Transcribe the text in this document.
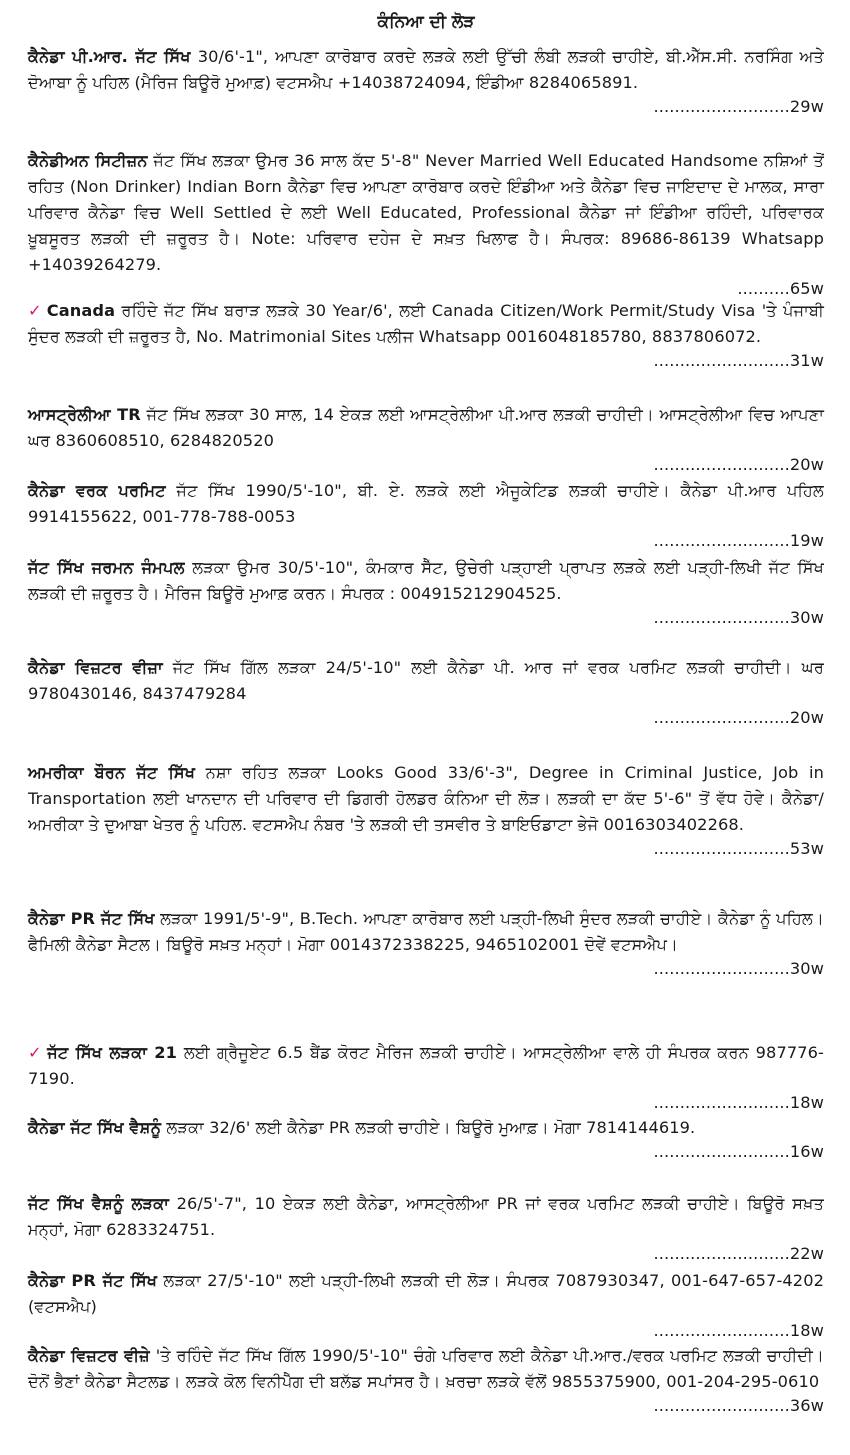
ਕੰਨਿਆ ਦੀ ਲੋੜ
ਕੈਨੇਡਾ ਪੀ.ਆਰ. ਜੱਟ ਸਿੱਖ 30/6'-1", ਆਪਣਾ ਕਾਰੋਬਾਰ ਕਰਦੇ ਲੜਕੇ ਲਈ ਉੱਚੀ ਲੰਬੀ ਲੜਕੀ ਚਾਹੀਏ, ਬੀ.ਐੱਸ.ਸੀ. ਨਰਸਿੰਗ ਅਤੇ ਦੋਆਬਾ ਨੂੰ ਪਹਿਲ (ਮੈਰਿਜ ਬਿਊਰੋ ਮੁਆਫ਼) ਵਟਸਐਪ +14038724094, ਇੰਡੀਆ 8284065891.
..........................29w
ਕੈਨੇਡੀਅਨ ਸਿਟੀਜ਼ਨ ਜੱਟ ਸਿੱਖ ਲੜਕਾ ਉਮਰ 36 ਸਾਲ ਕੱਦ 5'-8" Never Married Well Educated Handsome ਨਸ਼ਿਆਂ ਤੋਂ ਰਹਿਤ (Non Drinker) Indian Born ਕੈਨੇਡਾ ਵਿਚ ਆਪਣਾ ਕਾਰੋਬਾਰ ਕਰਦੇ ਇੰਡੀਆ ਅਤੇ ਕੈਨੇਡਾ ਵਿਚ ਜਾਇਦਾਦ ਦੇ ਮਾਲਕ, ਸਾਰਾ ਪਰਿਵਾਰ ਕੈਨੇਡਾ ਵਿਚ Well Settled ਦੇ ਲਈ Well Educated, Professional ਕੈਨੇਡਾ ਜਾਂ ਇੰਡੀਆ ਰਹਿੰਦੀ, ਪਰਿਵਾਰਕ ਖ਼ੂਬਸੂਰਤ ਲੜਕੀ ਦੀ ਜ਼ਰੂਰਤ ਹੈ। Note: ਪਰਿਵਾਰ ਦਹੇਜ ਦੇ ਸਖ਼ਤ ਖਿਲਾਫ ਹੈ। ਸੰਪਰਕ: 89686-86139 Whatsapp +14039264279.
..........65w
✓ Canada ਰਹਿੰਦੇ ਜੱਟ ਸਿੱਖ ਬਰਾੜ ਲੜਕੇ 30 Year/6', ਲਈ Canada Citizen/Work Permit/Study Visa 'ਤੇ ਪੰਜਾਬੀ ਸੁੰਦਰ ਲੜਕੀ ਦੀ ਜ਼ਰੂਰਤ ਹੈ, No. Matrimonial Sites ਪਲੀਜ Whatsapp 0016048185780, 8837806072.
..........................31w
ਆਸਟ੍ਰੇਲੀਆ TR ਜੱਟ ਸਿੱਖ ਲੜਕਾ 30 ਸਾਲ, 14 ਏਕੜ ਲਈ ਆਸਟ੍ਰੇਲੀਆ ਪੀ.ਆਰ ਲੜਕੀ ਚਾਹੀਦੀ। ਆਸਟ੍ਰੇਲੀਆ ਵਿਚ ਆਪਣਾ ਘਰ 8360608510, 6284820520
..........................20w
ਕੈਨੇਡਾ ਵਰਕ ਪਰਮਿਟ ਜੱਟ ਸਿੱਖ 1990/5'-10", ਬੀ. ਏ. ਲੜਕੇ ਲਈ ਐਜੂਕੇਟਿਡ ਲੜਕੀ ਚਾਹੀਏ। ਕੈਨੇਡਾ ਪੀ.ਆਰ ਪਹਿਲ 9914155622, 001-778-788-0053
..........................19w
ਜੱਟ ਸਿੱਖ ਜਰਮਨ ਜੰਮਪਲ ਲੜਕਾ ਉਮਰ 30/5'-10", ਕੰਮਕਾਰ ਸੈੱਟ, ਉਚੇਰੀ ਪੜ੍ਹਾਈ ਪ੍ਰਾਪਤ ਲੜਕੇ ਲਈ ਪੜ੍ਹੀ-ਲਿਖੀ ਜੱਟ ਸਿੱਖ ਲੜਕੀ ਦੀ ਜ਼ਰੂਰਤ ਹੈ। ਮੈਰਿਜ ਬਿਊਰੋ ਮੁਆਫ਼ ਕਰਨ। ਸੰਪਰਕ : 004915212904525.
..........................30w
ਕੈਨੇਡਾ ਵਿਜ਼ਟਰ ਵੀਜ਼ਾ ਜੱਟ ਸਿੱਖ ਗਿੱਲ ਲੜਕਾ 24/5'-10" ਲਈ ਕੈਨੇਡਾ ਪੀ. ਆਰ ਜਾਂ ਵਰਕ ਪਰਮਿਟ ਲੜਕੀ ਚਾਹੀਦੀ। ਘਰ 9780430146, 8437479284
..........................20w
ਅਮਰੀਕਾ ਬੌਰਨ ਜੱਟ ਸਿੱਖ ਨਸ਼ਾ ਰਹਿਤ ਲੜਕਾ Looks Good 33/6'-3", Degree in Criminal Justice, Job in Transportation ਲਈ ਖਾਨਦਾਨ ਦੀ ਪਰਿਵਾਰ ਦੀ ਡਿਗਰੀ ਹੋਲਡਰ ਕੰਨਿਆ ਦੀ ਲੋੜ। ਲੜਕੀ ਦਾ ਕੱਦ 5'-6" ਤੋਂ ਵੱਧ ਹੋਵੇ। ਕੈਨੇਡਾ/ਅਮਰੀਕਾ ਤੇ ਦੁਆਬਾ ਖੇਤਰ ਨੂੰ ਪਹਿਲ. ਵਟਸਐਪ ਨੰਬਰ 'ਤੇ ਲੜਕੀ ਦੀ ਤਸਵੀਰ ਤੇ ਬਾਇਓਡਾਟਾ ਭੇਜੋ 0016303402268.
..........................53w
ਕੈਨੇਡਾ PR ਜੱਟ ਸਿੱਖ ਲੜਕਾ 1991/5'-9", B.Tech. ਆਪਣਾ ਕਾਰੋਬਾਰ ਲਈ ਪੜ੍ਹੀ-ਲਿਖੀ ਸੁੰਦਰ ਲੜਕੀ ਚਾਹੀਏ। ਕੈਨੇਡਾ ਨੂੰ ਪਹਿਲ। ਫੈਮਿਲੀ ਕੈਨੇਡਾ ਸੈਟਲ। ਬਿਊਰੋ ਸਖ਼ਤ ਮਨ੍ਹਾਂ। ਮੋਗਾ 0014372338225, 9465102001 ਦੋਵੇਂ ਵਟਸਐਪ।
..........................30w
✓ ਜੱਟ ਸਿੱਖ ਲੜਕਾ 21 ਲਈ ਗ੍ਰੈਜੂਏਟ 6.5 ਬੈਂਡ ਕੋਰਟ ਮੈਰਿਜ ਲੜਕੀ ਚਾਹੀਏ। ਆਸਟ੍ਰੇਲੀਆ ਵਾਲੇ ਹੀ ਸੰਪਰਕ ਕਰਨ 987776-7190.
..........................18w
ਕੈਨੇਡਾ ਜੱਟ ਸਿੱਖ ਵੈਸ਼ਨੂੰ ਲੜਕਾ 32/6' ਲਈ ਕੈਨੇਡਾ PR ਲੜਕੀ ਚਾਹੀਏ। ਬਿਊਰੋ ਮੁਆਫ਼। ਮੋਗਾ 7814144619.
..........................16w
ਜੱਟ ਸਿੱਖ ਵੈਸ਼ਨੂੰ ਲੜਕਾ 26/5'-7", 10 ਏਕੜ ਲਈ ਕੈਨੇਡਾ, ਆਸਟ੍ਰੇਲੀਆ PR ਜਾਂ ਵਰਕ ਪਰਮਿਟ ਲੜਕੀ ਚਾਹੀਏ। ਬਿਊਰੋ ਸਖ਼ਤ ਮਨ੍ਹਾਂ, ਮੋਗਾ 6283324751.
..........................22w
ਕੈਨੇਡਾ PR ਜੱਟ ਸਿੱਖ ਲੜਕਾ 27/5'-10" ਲਈ ਪੜ੍ਹੀ-ਲਿਖੀ ਲੜਕੀ ਦੀ ਲੋੜ। ਸੰਪਰਕ 7087930347, 001-647-657-4202 (ਵਟਸਐਪ)
..........................18w
ਕੈਨੇਡਾ ਵਿਜ਼ਟਰ ਵੀਜ਼ੇ 'ਤੇ ਰਹਿੰਦੇ ਜੱਟ ਸਿੱਖ ਗਿੱਲ 1990/5'-10" ਚੰਗੇ ਪਰਿਵਾਰ ਲਈ ਕੈਨੇਡਾ ਪੀ.ਆਰ./ਵਰਕ ਪਰਮਿਟ ਲੜਕੀ ਚਾਹੀਦੀ। ਦੋਨੋਂ ਭੈਣਾਂ ਕੈਨੇਡਾ ਸੈਟਲਡ। ਲੜਕੇ ਕੋਲ ਵਿਨੀਪੈੱਗ ਦੀ ਬਲੱਡ ਸਪਾਂਸਰ ਹੈ। ਖ਼ਰਚਾ ਲੜਕੇ ਵੱਲੋਂ 9855375900, 001-204-295-0610
..........................36w
